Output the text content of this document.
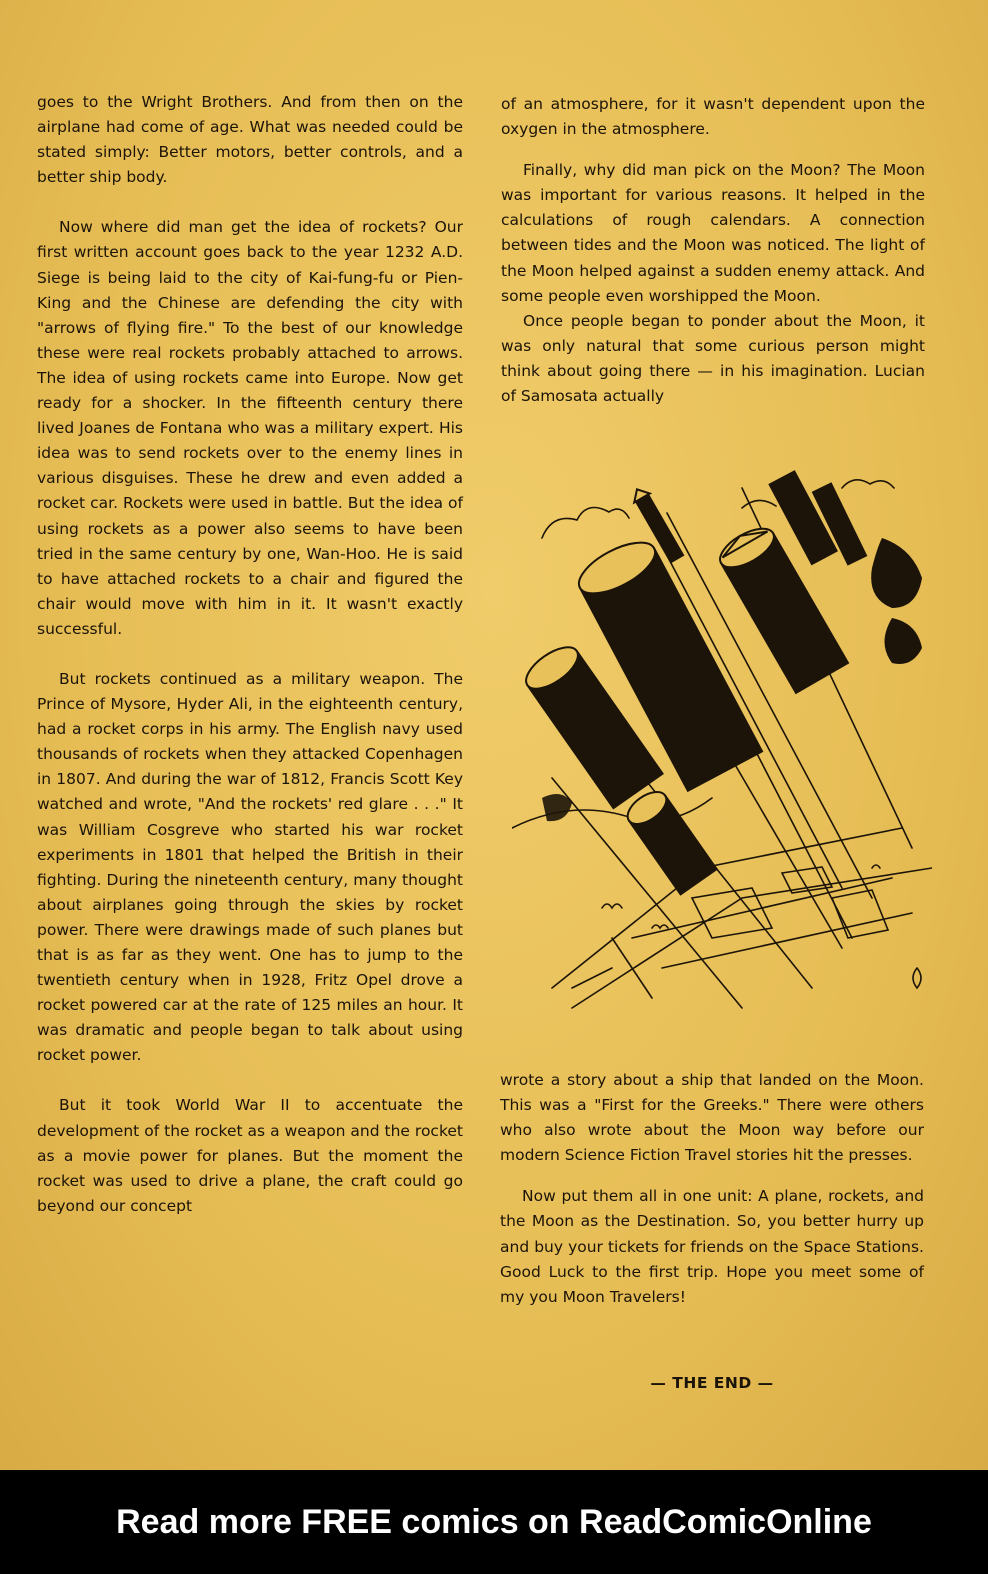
goes to the Wright Brothers. And from then on the airplane had come of age. What was needed could be stated simply: Better motors, better controls, and a better ship body.

Now where did man get the idea of rockets? Our first written account goes back to the year 1232 A.D. Siege is being laid to the city of Kai-fung-fu or Pien-King and the Chinese are defending the city with "arrows of flying fire." To the best of our knowledge these were real rockets probably attached to arrows. The idea of using rockets came into Europe. Now get ready for a shocker. In the fifteenth century there lived Joanes de Fontana who was a military expert. His idea was to send rockets over to the enemy lines in various disguises. These he drew and even added a rocket car. Rockets were used in battle. But the idea of using rockets as a power also seems to have been tried in the same century by one, Wan-Hoo. He is said to have attached rockets to a chair and figured the chair would move with him in it. It wasn't exactly successful.

But rockets continued as a military weapon. The Prince of Mysore, Hyder Ali, in the eighteenth century, had a rocket corps in his army. The English navy used thousands of rockets when they attacked Copenhagen in 1807. And during the war of 1812, Francis Scott Key watched and wrote, "And the rockets' red glare . . ." It was William Cosgreve who started his war rocket experiments in 1801 that helped the British in their fighting. During the nineteenth century, many thought about airplanes going through the skies by rocket power. There were drawings made of such planes but that is as far as they went. One has to jump to the twentieth century when in 1928, Fritz Opel drove a rocket powered car at the rate of 125 miles an hour. It was dramatic and people began to talk about using rocket power.

But it took World War II to accentuate the development of the rocket as a weapon and the rocket as a movie power for planes. But the moment the rocket was used to drive a plane, the craft could go beyond our concept

of an atmosphere, for it wasn't dependent upon the oxygen in the atmosphere.

Finally, why did man pick on the Moon? The Moon was important for various reasons. It helped in the calculations of rough calendars. A connection between tides and the Moon was noticed. The light of the Moon helped against a sudden enemy attack. And some people even worshipped the Moon.

Once people began to ponder about the Moon, it was only natural that some curious person might think about going there — in his imagination. Lucian of Samosata actually

wrote a story about a ship that landed on the Moon. This was a "First for the Greeks." There were others who also wrote about the Moon way before our modern Science Fiction Travel stories hit the presses.

Now put them all in one unit: A plane, rockets, and the Moon as the Destination. So, you better hurry up and buy your tickets for friends on the Space Stations. Good Luck to the first trip. Hope you meet some of my you Moon Travelers!

— THE END —
Read more FREE comics on ReadComicOnline
